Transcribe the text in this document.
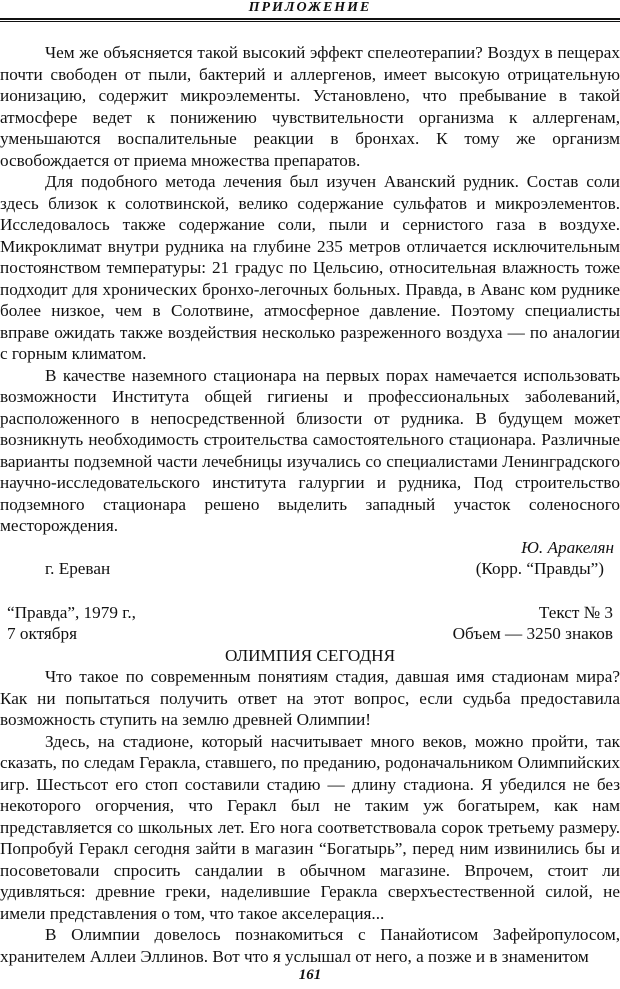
ПРИЛОЖЕНИЕ

Чем же объясняется такой высокий эффект спелеотерапии? Воздух в пещерах почти свободен от пыли, бактерий и аллергенов, имеет высокую отрицательную ионизацию, содержит микроэлементы. Установлено, что пребывание в такой атмосфере ведет к понижению чувствительности организма к аллергенам, уменьшаются воспалительные реакции в бронхах. К тому же организм освобождается от приема множества препаратов.

Для подобного метода лечения был изучен Аванский рудник. Состав соли здесь близок к солотвинской, велико содержание сульфатов и микроэлементов. Исследовалось также содержание соли, пыли и сернистого газа в воздухе. Микроклимат внутри рудника на глубине 235 метров отличается исключительным постоянством температуры: 21 градус по Цельсию, относительная влажность тоже подходит для хронических бронхо-легочных больных. Правда, в Аванс ком руднике более низкое, чем в Солотвине, атмосферное давление. Поэтому специалисты вправе ожидать также воздействия несколько разреженного воздуха — по аналогии с горным климатом.

В качестве наземного стационара на первых порах намечается использовать возможности Института общей гигиены и профессиональных заболеваний, расположенного в непосредственной близости от рудника. В будущем может возникнуть необходимость строительства самостоятельного стационара. Различные варианты подземной части лечебницы изучались со специалистами Ленинградского научно-исследовательского института галургии и рудника, Под строительство подземного стационара решено выделить западный участок соленосного месторождения.

Ю. Аракелян

г. Ереван	(Корр. “Правды”)
“Правда”, 1979 г.,	Текст № 3
7 октября	Объем — 3250 знаков

ОЛИМПИЯ СЕГОДНЯ

Что такое по современным понятиям стадия, давшая имя стадионам мира? Как ни попытаться получить ответ на этот вопрос, если судьба предоставила возможность ступить на землю древней Олимпии!

Здесь, на стадионе, который насчитывает много веков, можно пройти, так сказать, по следам Геракла, ставшего, по преданию, родоначальником Олимпийских игр. Шестьсот его стоп составили стадию — длину стадиона. Я убедился не без некоторого огорчения, что Геракл был не таким уж богатырем, как нам представляется со школьных лет. Его нога соответствовала сорок третьему размеру. Попробуй Геракл сегодня зайти в магазин “Богатырь”, перед ним извинились бы и посоветовали спросить сандалии в обычном магазине. Впрочем, стоит ли удивляться: древние греки, наделившие Геракла сверхъестественной силой, не имели представления о том, что такое акселерация...

В Олимпии довелось познакомиться с Панайотисом Зафейропулосом, хранителем Аллеи Эллинов. Вот что я услышал от него, а позже и в знаменитом

161
